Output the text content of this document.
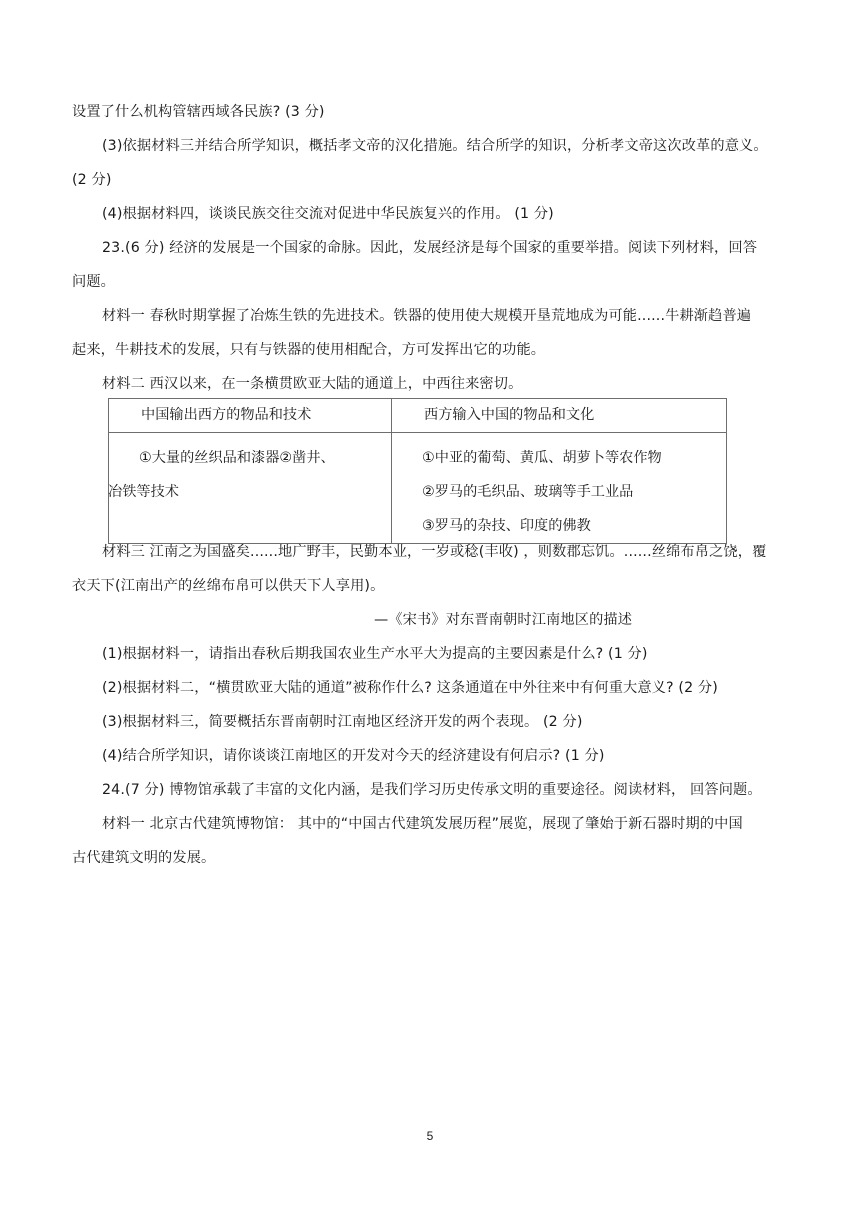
设置了什么机构管辖西域各民族? (3 分)
(3)依据材料三并结合所学知识，概括孝文帝的汉化措施。结合所学的知识，分析孝文帝这次改革的意义。
(2 分)
(4)根据材料四，谈谈民族交往交流对促进中华民族复兴的作用。 (1 分)
23.(6 分) 经济的发展是一个国家的命脉。因此，发展经济是每个国家的重要举措。阅读下列材料，回答
问题。
材料一 春秋时期掌握了冶炼生铁的先进技术。铁器的使用使大规模开垦荒地成为可能......牛耕渐趋普遍
起来，牛耕技术的发展，只有与铁器的使用相配合，方可发挥出它的功能。
材料二 西汉以来，在一条横贯欧亚大陆的通道上，中西往来密切。
中国输出西方的物品和技术	西方输入中国的物品和文化

①大量的丝织品和漆器②凿井、
冶铁等技术	①中亚的葡萄、黄瓜、胡萝卜等农作物
②罗马的毛织品、玻璃等手工业品
③罗马的杂技、印度的佛教
材料三 江南之为国盛矣......地广野丰，民勤本业，一岁或稔(丰收) ，则数郡忘饥。......丝绵布帛之饶，覆
衣天下(江南出产的丝绵布帛可以供天下人享用)。
—《宋书》对东晋南朝时江南地区的描述
(1)根据材料一，请指出春秋后期我国农业生产水平大为提高的主要因素是什么? (1 分)
(2)根据材料二，“横贯欧亚大陆的通道”被称作什么? 这条通道在中外往来中有何重大意义? (2 分)
(3)根据材料三，简要概括东晋南朝时江南地区经济开发的两个表现。 (2 分)
(4)结合所学知识，请你谈谈江南地区的开发对今天的经济建设有何启示? (1 分)
24.(7 分) 博物馆承载了丰富的文化内涵，是我们学习历史传承文明的重要途径。阅读材料， 回答问题。
材料一 北京古代建筑博物馆： 其中的“中国古代建筑发展历程”展览，展现了肇始于新石器时期的中国
古代建筑文明的发展。
5
